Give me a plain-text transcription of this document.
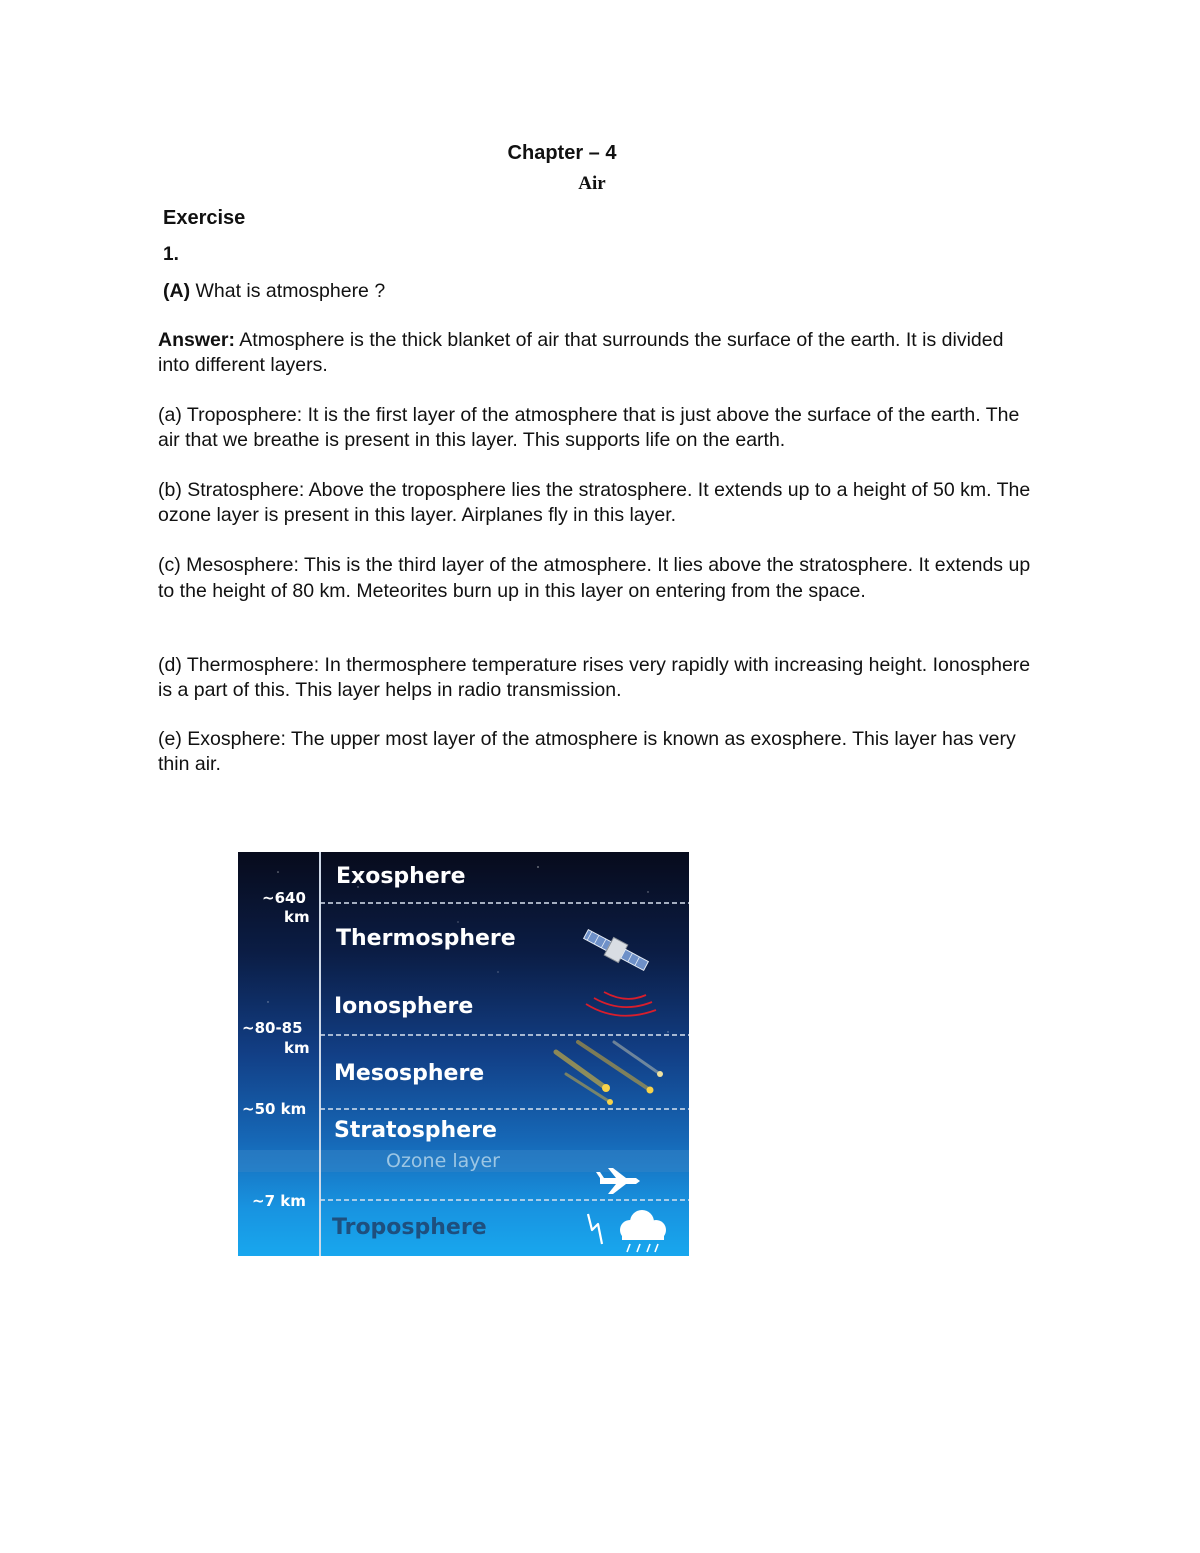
Chapter – 4
Air
Exercise
1.
(A) What is atmosphere ?
Answer: Atmosphere is the thick blanket of air that surrounds the surface of the earth. It is divided into different layers.
(a) Troposphere: It is the first layer of the atmosphere that is just above the surface of the earth. The air that we breathe is present in this layer. This supports life on the earth.
(b) Stratosphere: Above the troposphere lies the stratosphere. It extends up to a height of 50 km. The ozone layer is present in this layer. Airplanes fly in this layer.
(c) Mesosphere: This is the third layer of the atmosphere. It lies above the stratosphere. It extends up to the height of 80 km. Meteorites burn up in this layer on entering from the space.
(d) Thermosphere: In thermosphere temperature rises very rapidly with increasing height. Ionosphere is a part of this. This layer helps in radio transmission.
(e) Exosphere: The upper most layer of the atmosphere is known as exosphere. This layer has very thin air.
~640
km
~80-85
km
~50 km
~7 km
Exosphere
Thermosphere
Ionosphere
Mesosphere
Stratosphere
Ozone layer
Troposphere
